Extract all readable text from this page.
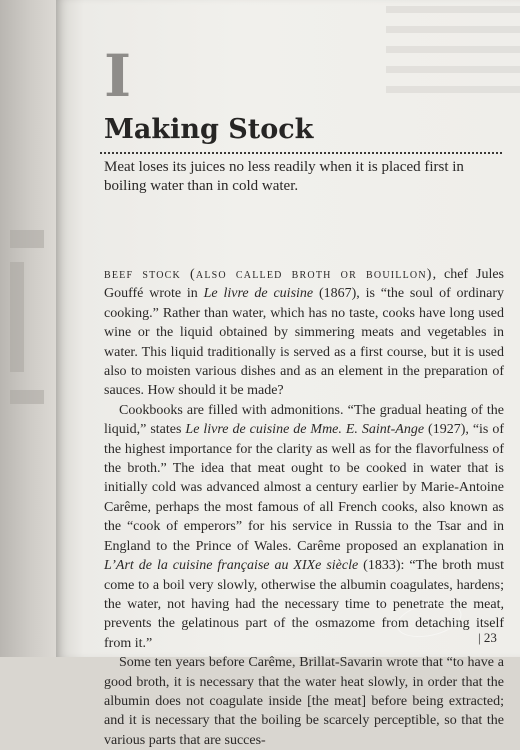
I
Making Stock
Meat loses its juices no less readily when it is placed first in boiling water than in cold water.

beef stock (also called broth or bouillon), chef Jules Gouffé wrote in Le livre de cuisine (1867), is “the soul of ordinary cooking.” Rather than water, which has no taste, cooks have long used wine or the liquid obtained by simmering meats and vegetables in water. This liquid traditionally is served as a first course, but it is used also to moisten various dishes and as an element in the preparation of sauces. How should it be made?

Cookbooks are filled with admonitions. “The gradual heating of the liquid,” states Le livre de cuisine de Mme. E. Saint-Ange (1927), “is of the highest importance for the clarity as well as for the flavorfulness of the broth.” The idea that meat ought to be cooked in water that is initially cold was advanced almost a century earlier by Marie-Antoine Carême, perhaps the most famous of all French cooks, also known as the “cook of emperors” for his service in Russia to the Tsar and in England to the Prince of Wales. Carême proposed an explanation in L’Art de la cuisine française au XIXe siècle (1833): “The broth must come to a boil very slowly, otherwise the albumin coagulates, hardens; the water, not having had the necessary time to penetrate the meat, prevents the gelatinous part of the osmazome from detaching itself from it.”

Some ten years before Carême, Brillat-Savarin wrote that “to have a good broth, it is necessary that the water heat slowly, in order that the albumin does not coagulate inside [the meat] before being extracted; and it is necessary that the boiling be scarcely perceptible, so that the various parts that are succes-

| 23
